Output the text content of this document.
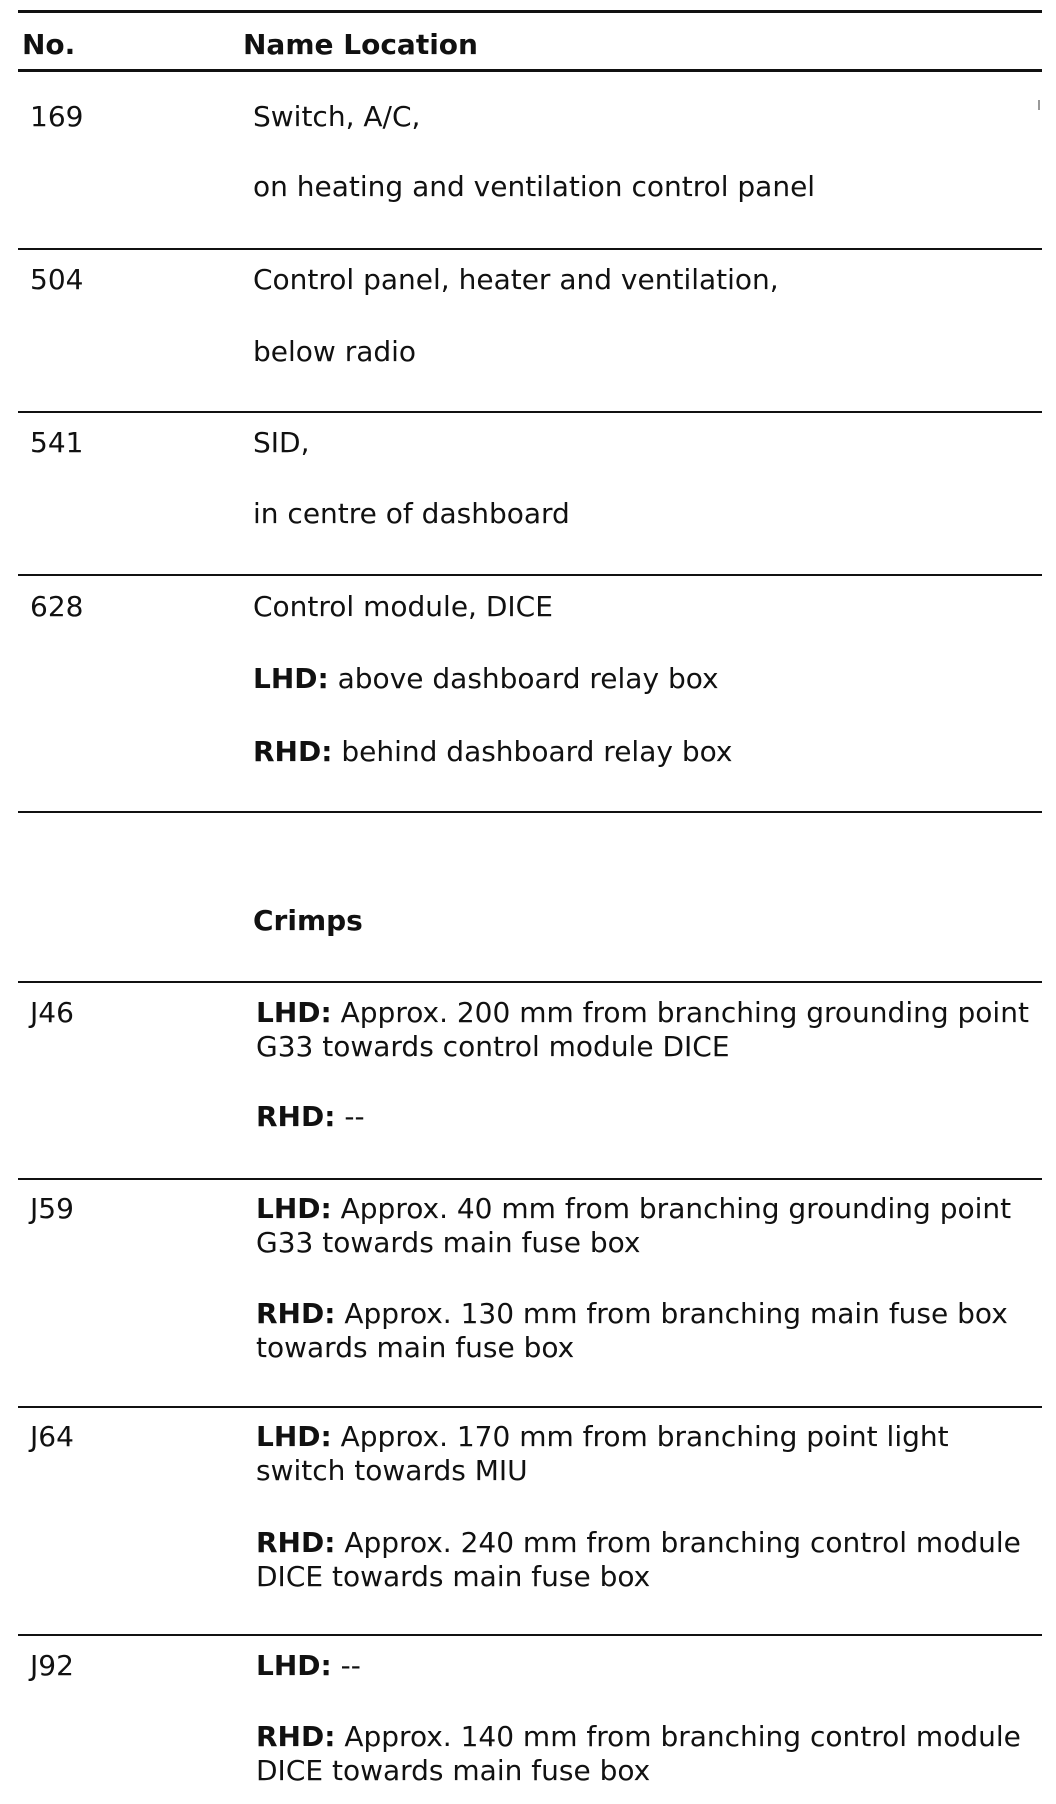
No.	Name Location
169	Switch, A/C,
on heating and ventilation control panel
504	Control panel, heater and ventilation,
below radio
541	SID,
in centre of dashboard
628	Control module, DICE
LHD: above dashboard relay box
RHD: behind dashboard relay box
Crimps
J46	LHD: Approx. 200 mm from branching grounding point G33 towards control module DICE
RHD: --
J59	LHD: Approx. 40 mm from branching grounding point G33 towards main fuse box
RHD: Approx. 130 mm from branching main fuse box towards main fuse box
J64	LHD: Approx. 170 mm from branching point light switch towards MIU
RHD: Approx. 240 mm from branching control module DICE towards main fuse box
J92	LHD: --
RHD: Approx. 140 mm from branching control module DICE towards main fuse box
